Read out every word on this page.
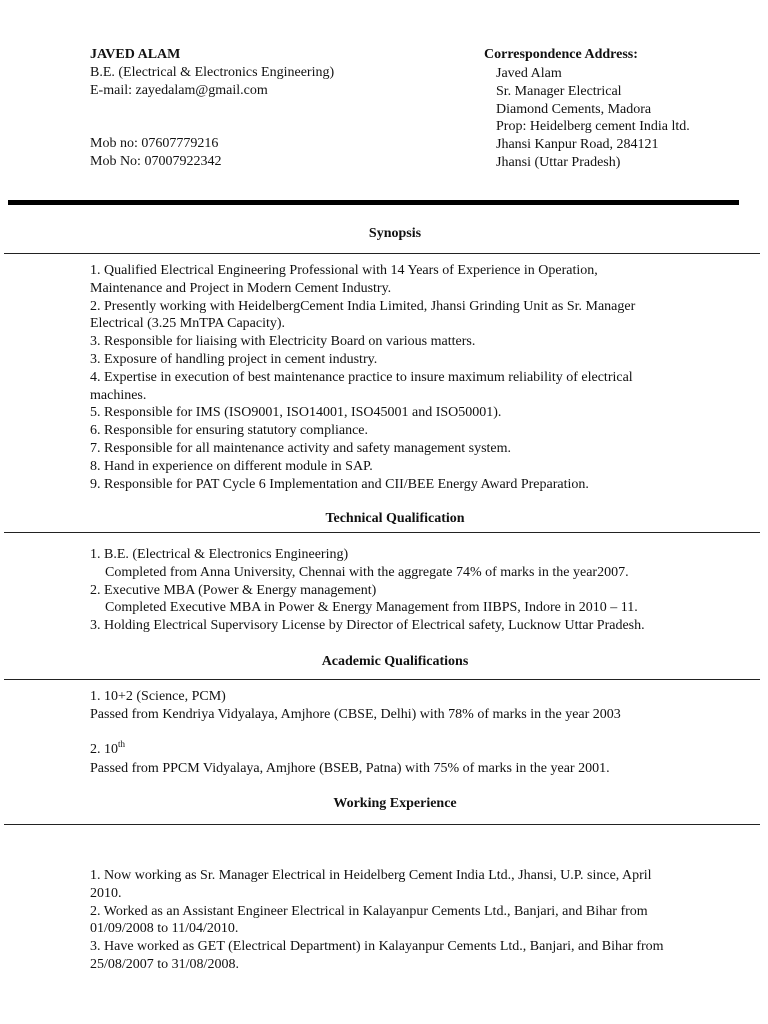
JAVED ALAM
B.E. (Electrical & Electronics Engineering)
E-mail: zayedalam@gmail.com
Mob no: 07607779216
Mob No: 07007922342
Correspondence Address:
Javed Alam
Sr. Manager Electrical
Diamond Cements, Madora
Prop: Heidelberg cement India ltd.
Jhansi Kanpur Road, 284121
Jhansi (Uttar Pradesh)
Synopsis
1. Qualified Electrical Engineering Professional with 14 Years of Experience in Operation,
Maintenance and Project in Modern Cement Industry.
2. Presently working with HeidelbergCement India Limited, Jhansi Grinding Unit as Sr. Manager
Electrical (3.25 MnTPA Capacity).
3. Responsible for liaising with Electricity Board on various matters.
3. Exposure of handling project in cement industry.
4. Expertise in execution of best maintenance practice to insure maximum reliability of electrical
machines.
5. Responsible for IMS (ISO9001, ISO14001, ISO45001 and ISO50001).
6. Responsible for ensuring statutory compliance.
7. Responsible for all maintenance activity and safety management system.
8. Hand in experience on different module in SAP.
9. Responsible for PAT Cycle 6 Implementation and CII/BEE Energy Award Preparation.
Technical Qualification
1. B.E. (Electrical & Electronics Engineering)
Completed from Anna University, Chennai with the aggregate 74% of marks in the year2007.
2. Executive MBA (Power & Energy management)
Completed Executive MBA in Power & Energy Management from IIBPS, Indore in 2010 – 11.
3. Holding Electrical Supervisory License by Director of Electrical safety, Lucknow Uttar Pradesh.
Academic Qualifications
1. 10+2 (Science, PCM)
Passed from Kendriya Vidyalaya, Amjhore (CBSE, Delhi) with 78% of marks in the year 2003
2. 10th
Passed from PPCM Vidyalaya, Amjhore (BSEB, Patna) with 75% of marks in the year 2001.
Working Experience
1. Now working as Sr. Manager Electrical in Heidelberg Cement India Ltd., Jhansi, U.P. since, April
2010.
2. Worked as an Assistant Engineer Electrical in Kalayanpur Cements Ltd., Banjari, and Bihar from
01/09/2008 to 11/04/2010.
3. Have worked as GET (Electrical Department) in Kalayanpur Cements Ltd., Banjari, and Bihar from
25/08/2007 to 31/08/2008.
